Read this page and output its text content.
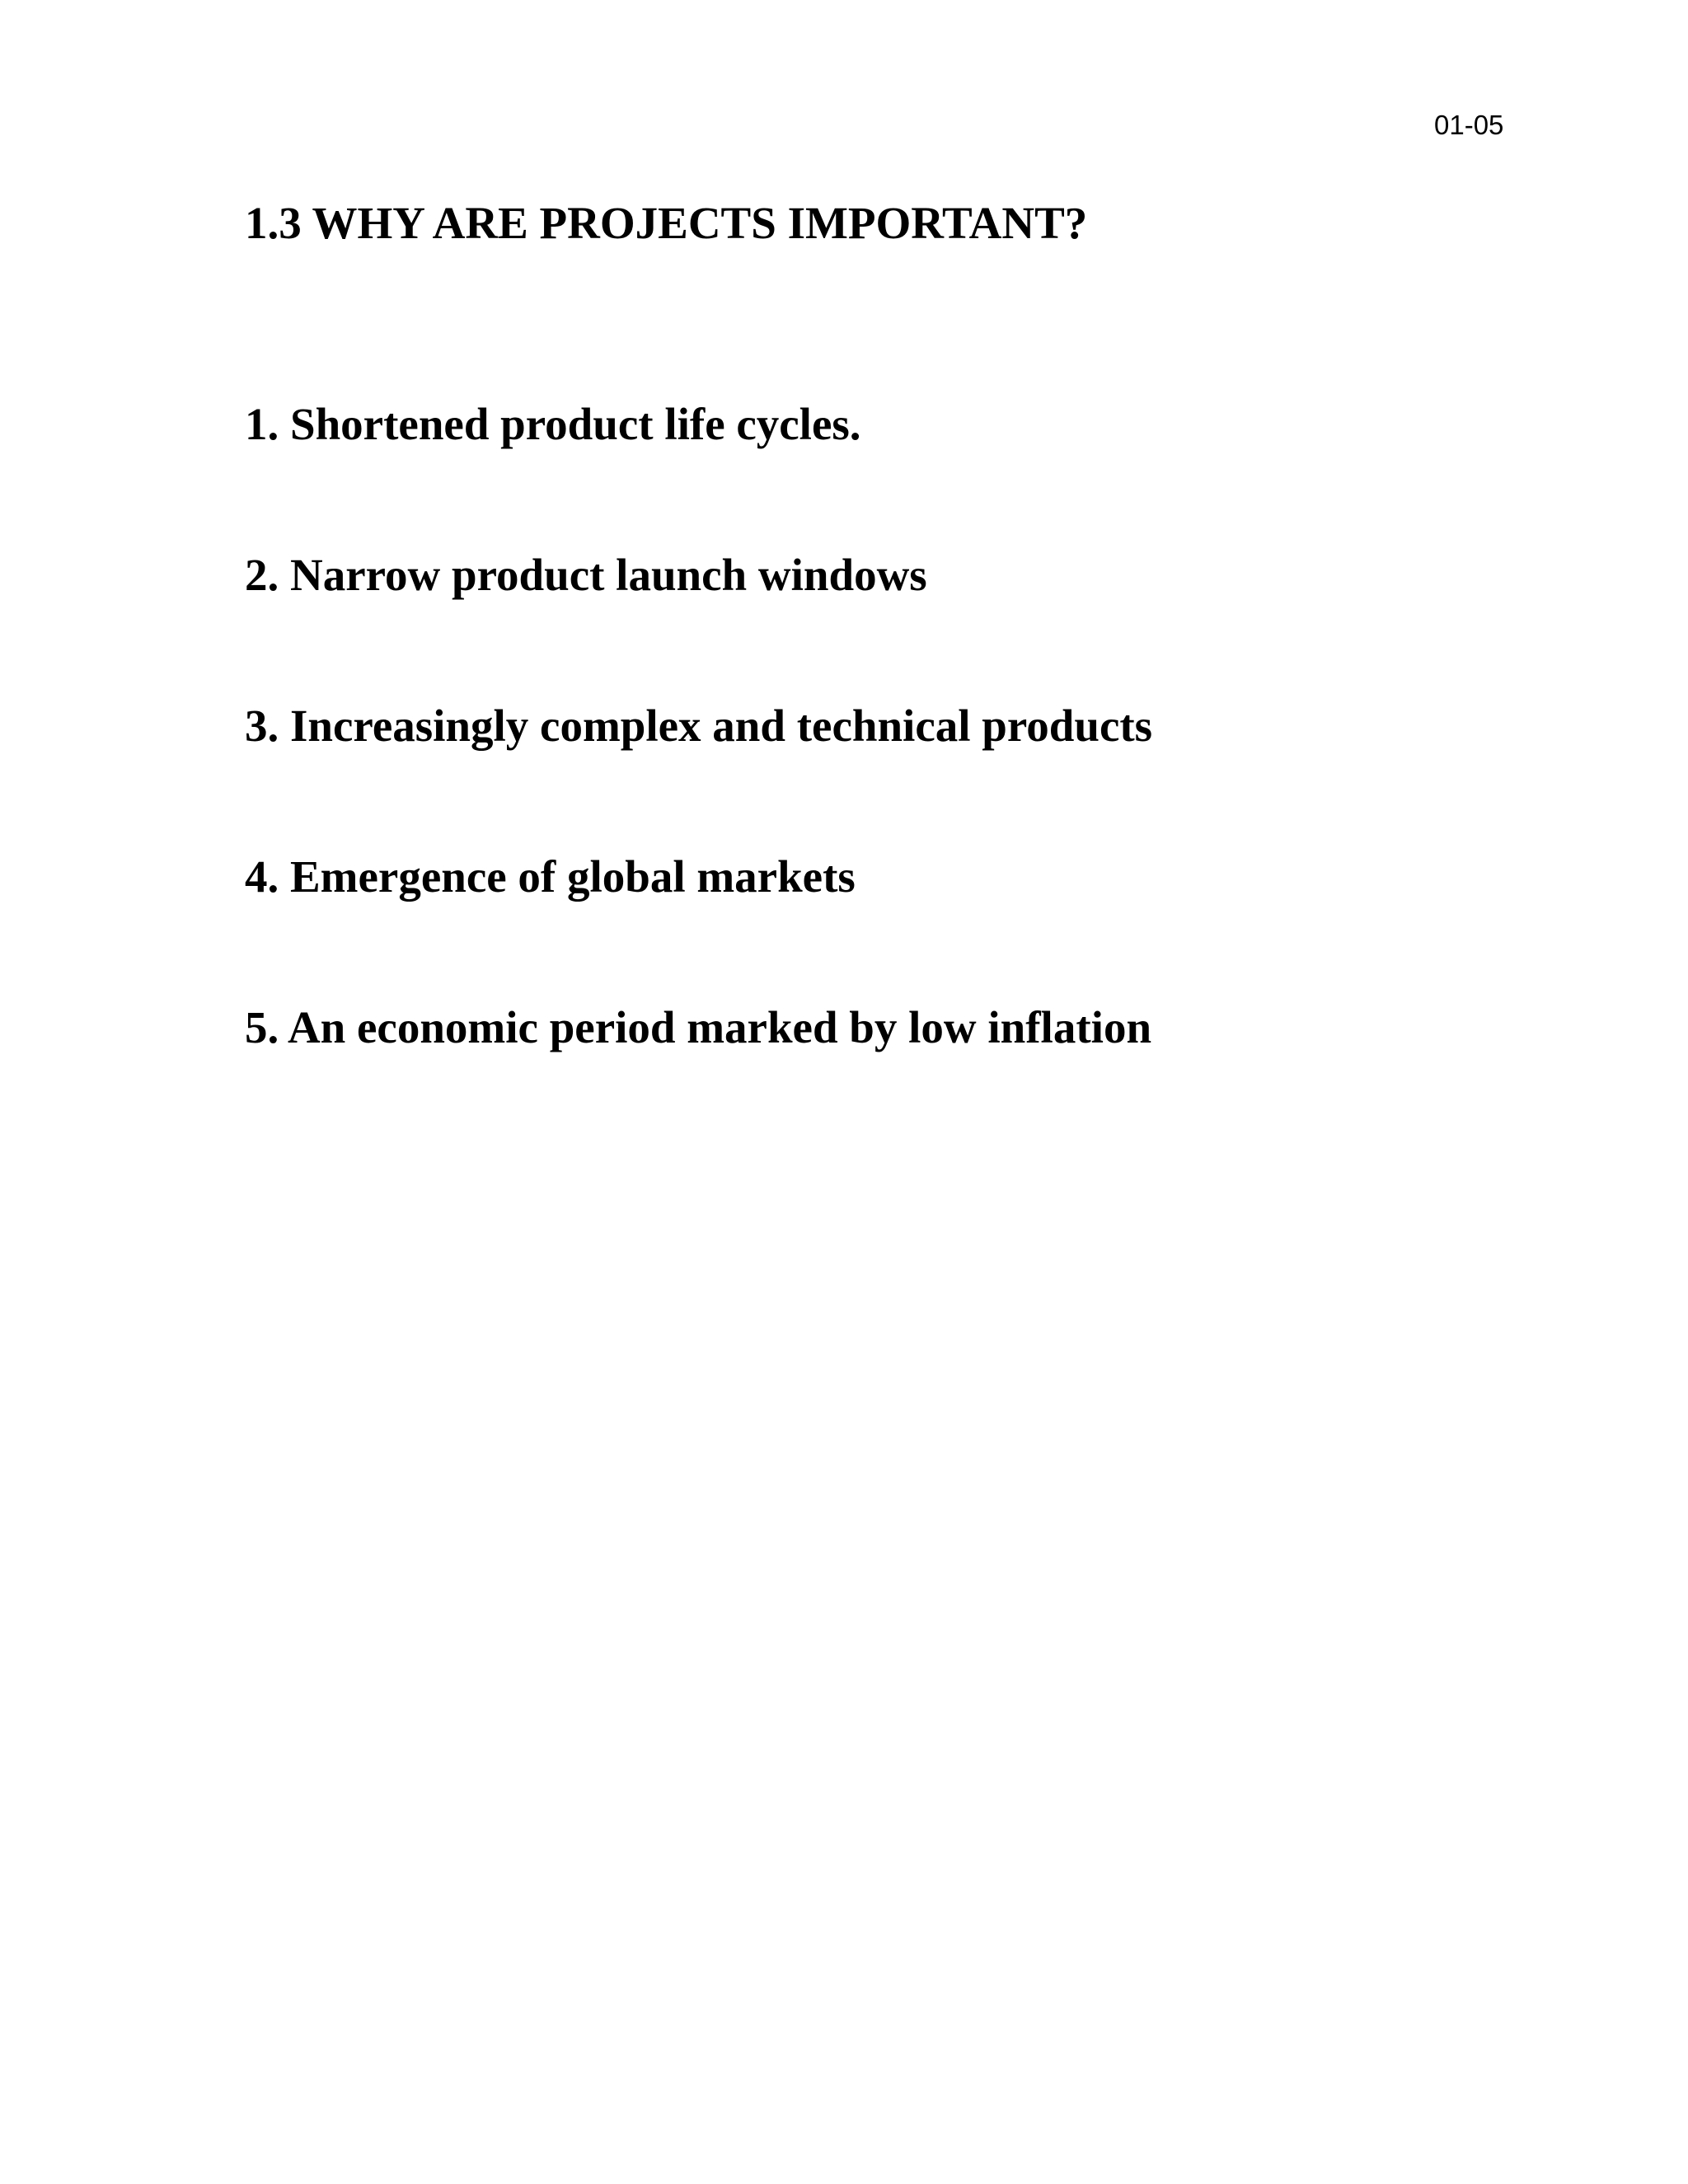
01-05
1.3 WHY ARE PROJECTS IMPORTANT?
1. Shortened product life cycles.
2. Narrow product launch windows
3. Increasingly complex and technical products
4. Emergence of global markets
5. An economic period marked by low inflation
